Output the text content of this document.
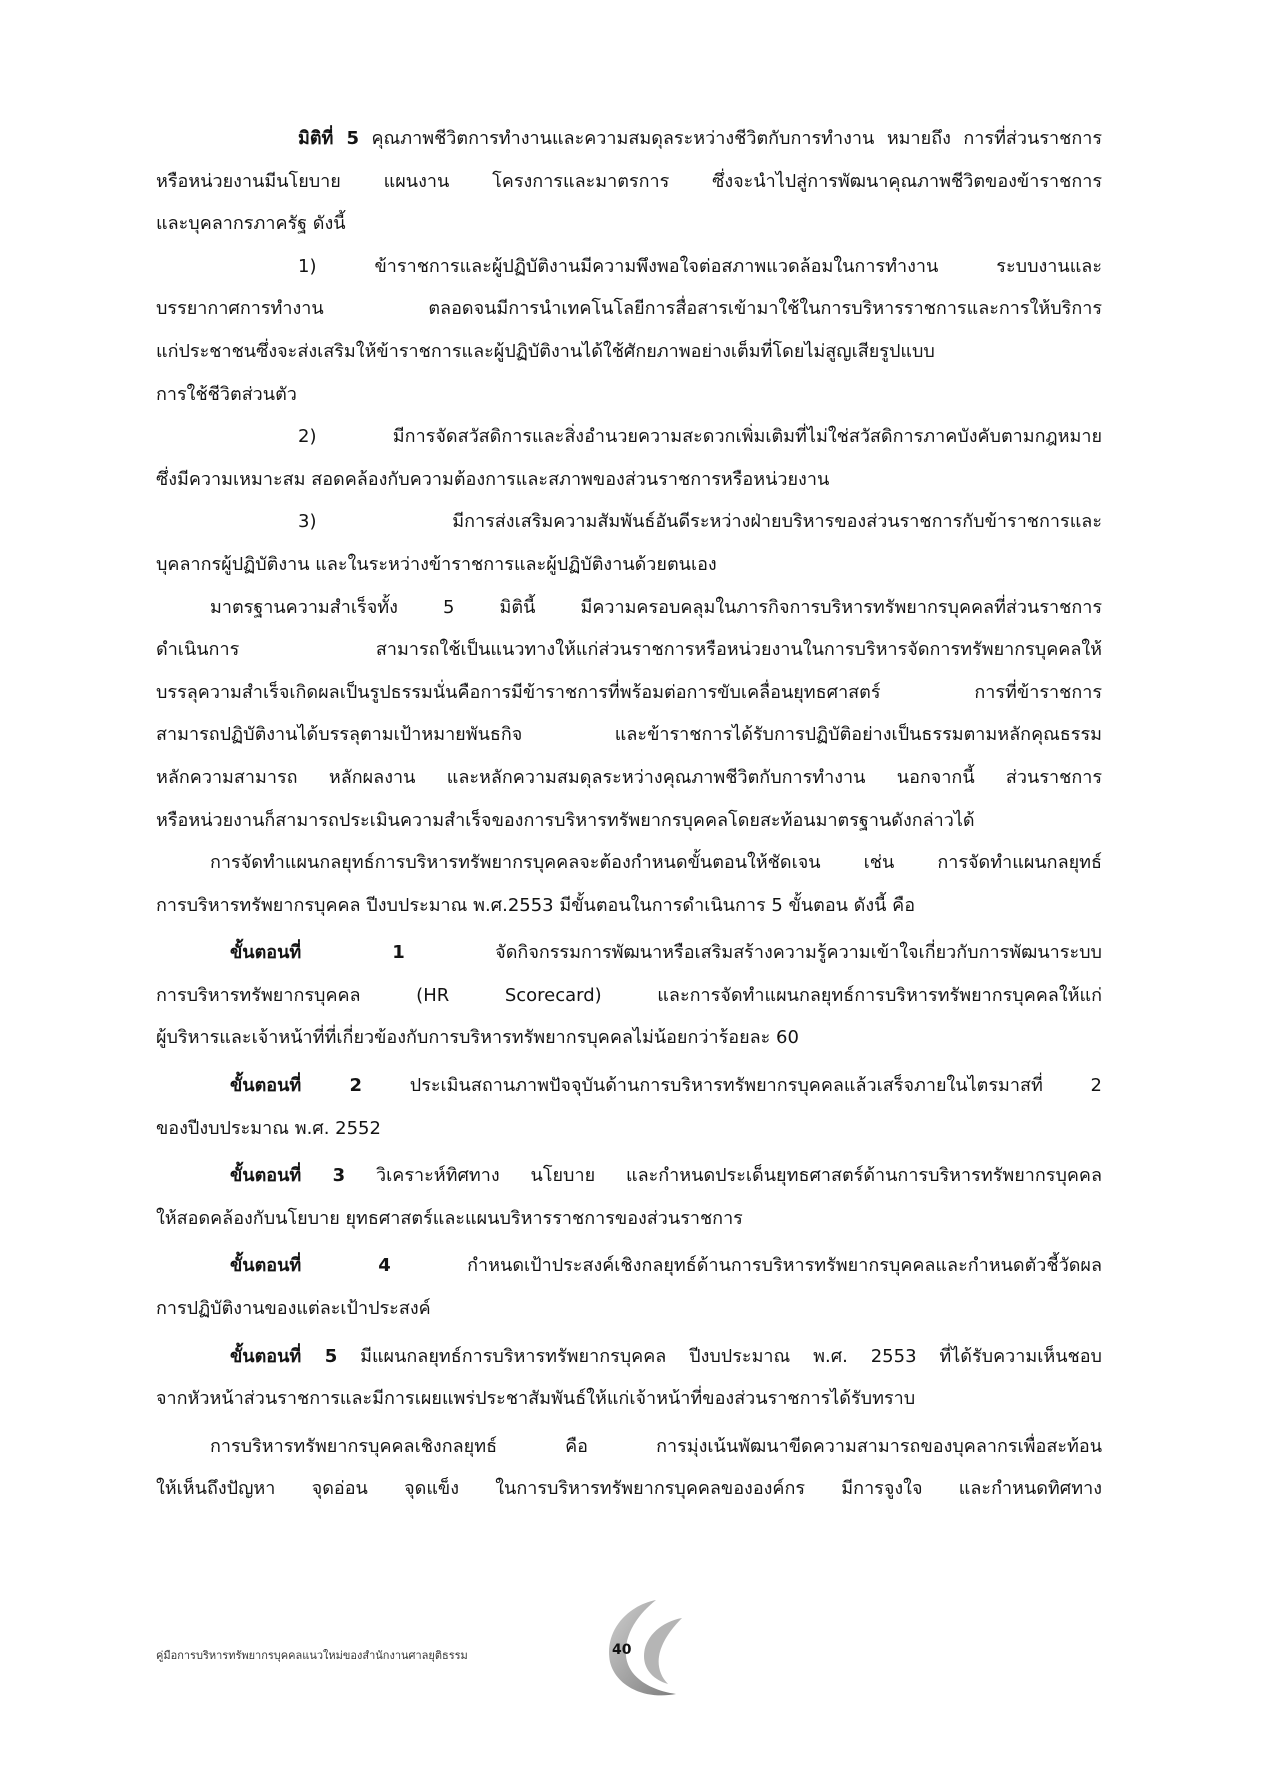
มิติที่ 5 คุณภาพชีวิตการทำงานและความสมดุลระหว่างชีวิตกับการทำงาน หมายถึง การที่ส่วนราชการ
หรือหน่วยงานมีนโยบาย แผนงาน โครงการและมาตรการ ซึ่งจะนำไปสู่การพัฒนาคุณภาพชีวิตของข้าราชการ
และบุคลากรภาครัฐ ดังนี้
1) ข้าราชการและผู้ปฏิบัติงานมีความพึงพอใจต่อสภาพแวดล้อมในการทำงาน ระบบงานและ
บรรยากาศการทำงาน ตลอดจนมีการนำเทคโนโลยีการสื่อสารเข้ามาใช้ในการบริหารราชการและการให้บริการ
แก่ประชาชนซึ่งจะส่งเสริมให้ข้าราชการและผู้ปฏิบัติงานได้ใช้ศักยภาพอย่างเต็มที่โดยไม่สูญเสียรูปแบบ
การใช้ชีวิตส่วนตัว
2) มีการจัดสวัสดิการและสิ่งอำนวยความสะดวกเพิ่มเติมที่ไม่ใช่สวัสดิการภาคบังคับตามกฎหมาย
ซึ่งมีความเหมาะสม สอดคล้องกับความต้องการและสภาพของส่วนราชการหรือหน่วยงาน
3) มีการส่งเสริมความสัมพันธ์อันดีระหว่างฝ่ายบริหารของส่วนราชการกับข้าราชการและ
บุคลากรผู้ปฏิบัติงาน และในระหว่างข้าราชการและผู้ปฏิบัติงานด้วยตนเอง
มาตรฐานความสำเร็จทั้ง 5 มิตินี้ มีความครอบคลุมในภารกิจการบริหารทรัพยากรบุคคลที่ส่วนราชการ
ดำเนินการ สามารถใช้เป็นแนวทางให้แก่ส่วนราชการหรือหน่วยงานในการบริหารจัดการทรัพยากรบุคคลให้
บรรลุความสำเร็จเกิดผลเป็นรูปธรรมนั่นคือการมีข้าราชการที่พร้อมต่อการขับเคลื่อนยุทธศาสตร์ การที่ข้าราชการ
สามารถปฏิบัติงานได้บรรลุตามเป้าหมายพันธกิจ และข้าราชการได้รับการปฏิบัติอย่างเป็นธรรมตามหลักคุณธรรม
หลักความสามารถ หลักผลงาน และหลักความสมดุลระหว่างคุณภาพชีวิตกับการทำงาน นอกจากนี้ ส่วนราชการ
หรือหน่วยงานก็สามารถประเมินความสำเร็จของการบริหารทรัพยากรบุคคลโดยสะท้อนมาตรฐานดังกล่าวได้
การจัดทำแผนกลยุทธ์การบริหารทรัพยากรบุคคลจะต้องกำหนดขั้นตอนให้ชัดเจน เช่น การจัดทำแผนกลยุทธ์
การบริหารทรัพยากรบุคคล ปีงบประมาณ พ.ศ.2553 มีขั้นตอนในการดำเนินการ 5 ขั้นตอน ดังนี้ คือ
ขั้นตอนที่ 1 จัดกิจกรรมการพัฒนาหรือเสริมสร้างความรู้ความเข้าใจเกี่ยวกับการพัฒนาระบบ
การบริหารทรัพยากรบุคคล (HR Scorecard) และการจัดทำแผนกลยุทธ์การบริหารทรัพยากรบุคคลให้แก่
ผู้บริหารและเจ้าหน้าที่ที่เกี่ยวข้องกับการบริหารทรัพยากรบุคคลไม่น้อยกว่าร้อยละ 60
ขั้นตอนที่ 2 ประเมินสถานภาพปัจจุบันด้านการบริหารทรัพยากรบุคคลแล้วเสร็จภายในไตรมาสที่ 2
ของปีงบประมาณ พ.ศ. 2552
ขั้นตอนที่ 3 วิเคราะห์ทิศทาง นโยบาย และกำหนดประเด็นยุทธศาสตร์ด้านการบริหารทรัพยากรบุคคล
ให้สอดคล้องกับนโยบาย ยุทธศาสตร์และแผนบริหารราชการของส่วนราชการ
ขั้นตอนที่ 4 กำหนดเป้าประสงค์เชิงกลยุทธ์ด้านการบริหารทรัพยากรบุคคลและกำหนดตัวชี้วัดผล
การปฏิบัติงานของแต่ละเป้าประสงค์
ขั้นตอนที่ 5 มีแผนกลยุทธ์การบริหารทรัพยากรบุคคล ปีงบประมาณ พ.ศ. 2553 ที่ได้รับความเห็นชอบ
จากหัวหน้าส่วนราชการและมีการเผยแพร่ประชาสัมพันธ์ให้แก่เจ้าหน้าที่ของส่วนราชการได้รับทราบ
การบริหารทรัพยากรบุคคลเชิงกลยุทธ์ คือ การมุ่งเน้นพัฒนาขีดความสามารถของบุคลากรเพื่อสะท้อน
ให้เห็นถึงปัญหา จุดอ่อน จุดแข็ง ในการบริหารทรัพยากรบุคคลขององค์กร มีการจูงใจ และกำหนดทิศทาง
คู่มือการบริหารทรัพยากรบุคคลแนวใหม่ของสำนักงานศาลยุติธรรม	40
